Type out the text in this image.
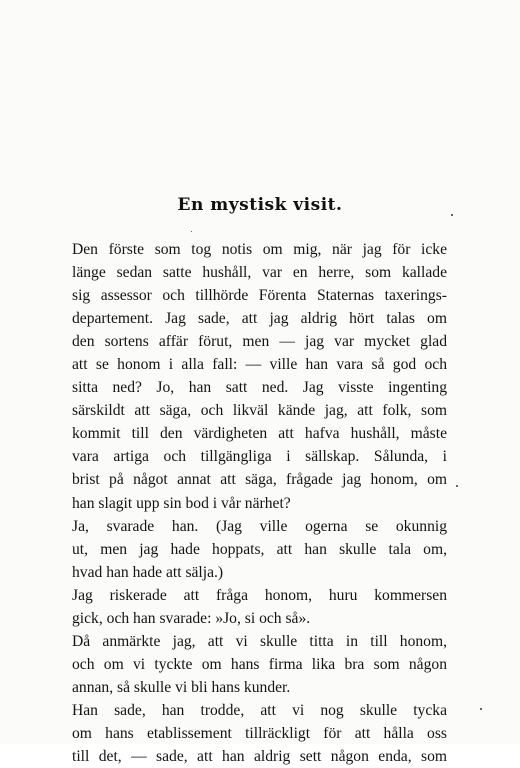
En mystisk visit.

Den förste som tog notis om mig, när jag för icke
länge sedan satte hushåll, var en herre, som kallade
sig assessor och tillhörde Förenta Staternas taxerings-
departement. Jag sade, att jag aldrig hört talas om
den sortens affär förut, men — jag var mycket glad
att se honom i alla fall: — ville han vara så god och
sitta ned? Jo, han satt ned. Jag visste ingenting
särskildt att säga, och likväl kände jag, att folk, som
kommit till den värdigheten att hafva hushåll, måste
vara artiga och tillgängliga i sällskap. Sålunda, i
brist på något annat att säga, frågade jag honom, om
han slagit upp sin bod i vår närhet?

Ja, svarade han. (Jag ville ogerna se okunnig
ut, men jag hade hoppats, att han skulle tala om,
hvad han hade att sälja.)

Jag riskerade att fråga honom, huru kommersen
gick, och han svarade: »Jo, si och så».

Då anmärkte jag, att vi skulle titta in till honom,
och om vi tyckte om hans firma lika bra som någon
annan, så skulle vi bli hans kunder.

Han sade, han trodde, att vi nog skulle tycka
om hans etablissement tillräckligt för att hålla oss
till det, — sade, att han aldrig sett någon enda, som
